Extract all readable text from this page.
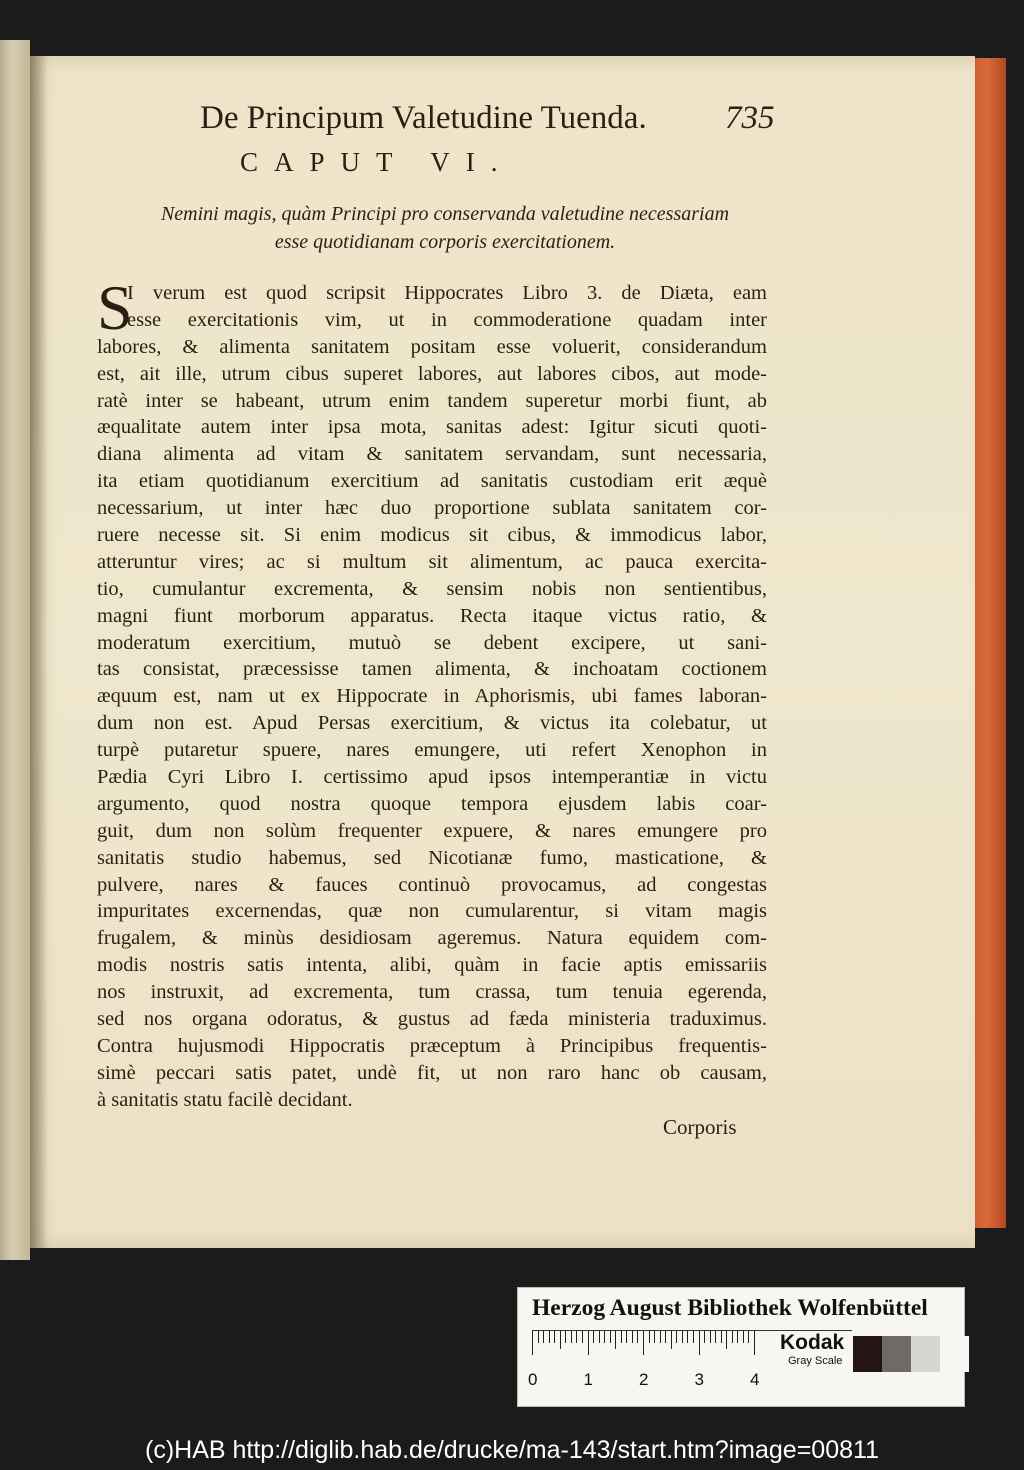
De Principum Valetudine Tuenda.	735
CAPUT VI.
Nemini magis, quàm Principi pro conservanda valetudine necessariam
esse quotidianam corporis exercitationem.
S
I verum est quod scripsit Hippocrates Libro 3. de Diæta, eam
esse exercitationis vim, ut in commoderatione quadam inter
labores, & alimenta sanitatem positam esse voluerit, considerandum
est, ait ille, utrum cibus superet labores, aut labores cibos, aut mode-
ratè inter se habeant, utrum enim tandem superetur morbi fiunt, ab
æqualitate autem inter ipsa mota, sanitas adest: Igitur sicuti quoti-
diana alimenta ad vitam & sanitatem servandam, sunt necessaria,
ita etiam quotidianum exercitium ad sanitatis custodiam erit æquè
necessarium, ut inter hæc duo proportione sublata sanitatem cor-
ruere necesse sit. Si enim modicus sit cibus, & immodicus labor,
atteruntur vires; ac si multum sit alimentum, ac pauca exercita-
tio, cumulantur excrementa, & sensim nobis non sentientibus,
magni fiunt morborum apparatus. Recta itaque victus ratio, &
moderatum exercitium, mutuò se debent excipere, ut sani-
tas consistat, præcessisse tamen alimenta, & inchoatam coctionem
æquum est, nam ut ex Hippocrate in Aphorismis, ubi fames laboran-
dum non est. Apud Persas exercitium, & victus ita colebatur, ut
turpè putaretur spuere, nares emungere, uti refert Xenophon in
Pædia Cyri Libro I. certissimo apud ipsos intemperantiæ in victu
argumento, quod nostra quoque tempora ejusdem labis coar-
guit, dum non solùm frequenter expuere, & nares emungere pro
sanitatis studio habemus, sed Nicotianæ fumo, masticatione, &
pulvere, nares & fauces continuò provocamus, ad congestas
impuritates excernendas, quæ non cumularentur, si vitam magis
frugalem, & minùs desidiosam ageremus. Natura equidem com-
modis nostris satis intenta, alibi, quàm in facie aptis emissariis
nos instruxit, ad excrementa, tum crassa, tum tenuia egerenda,
sed nos organa odoratus, & gustus ad fæda ministeria traduximus.
Contra hujusmodi Hippocratis præceptum à Principibus frequentis-
simè peccari satis patet, undè fit, ut non raro hanc ob causam,
à sanitatis statu facilè decidant.
Corporis
Herzog August Bibliothek Wolfenbüttel
Kodak
Gray Scale
0	1	2	3	4
(c)HAB http://diglib.hab.de/drucke/ma-143/start.htm?image=00811
